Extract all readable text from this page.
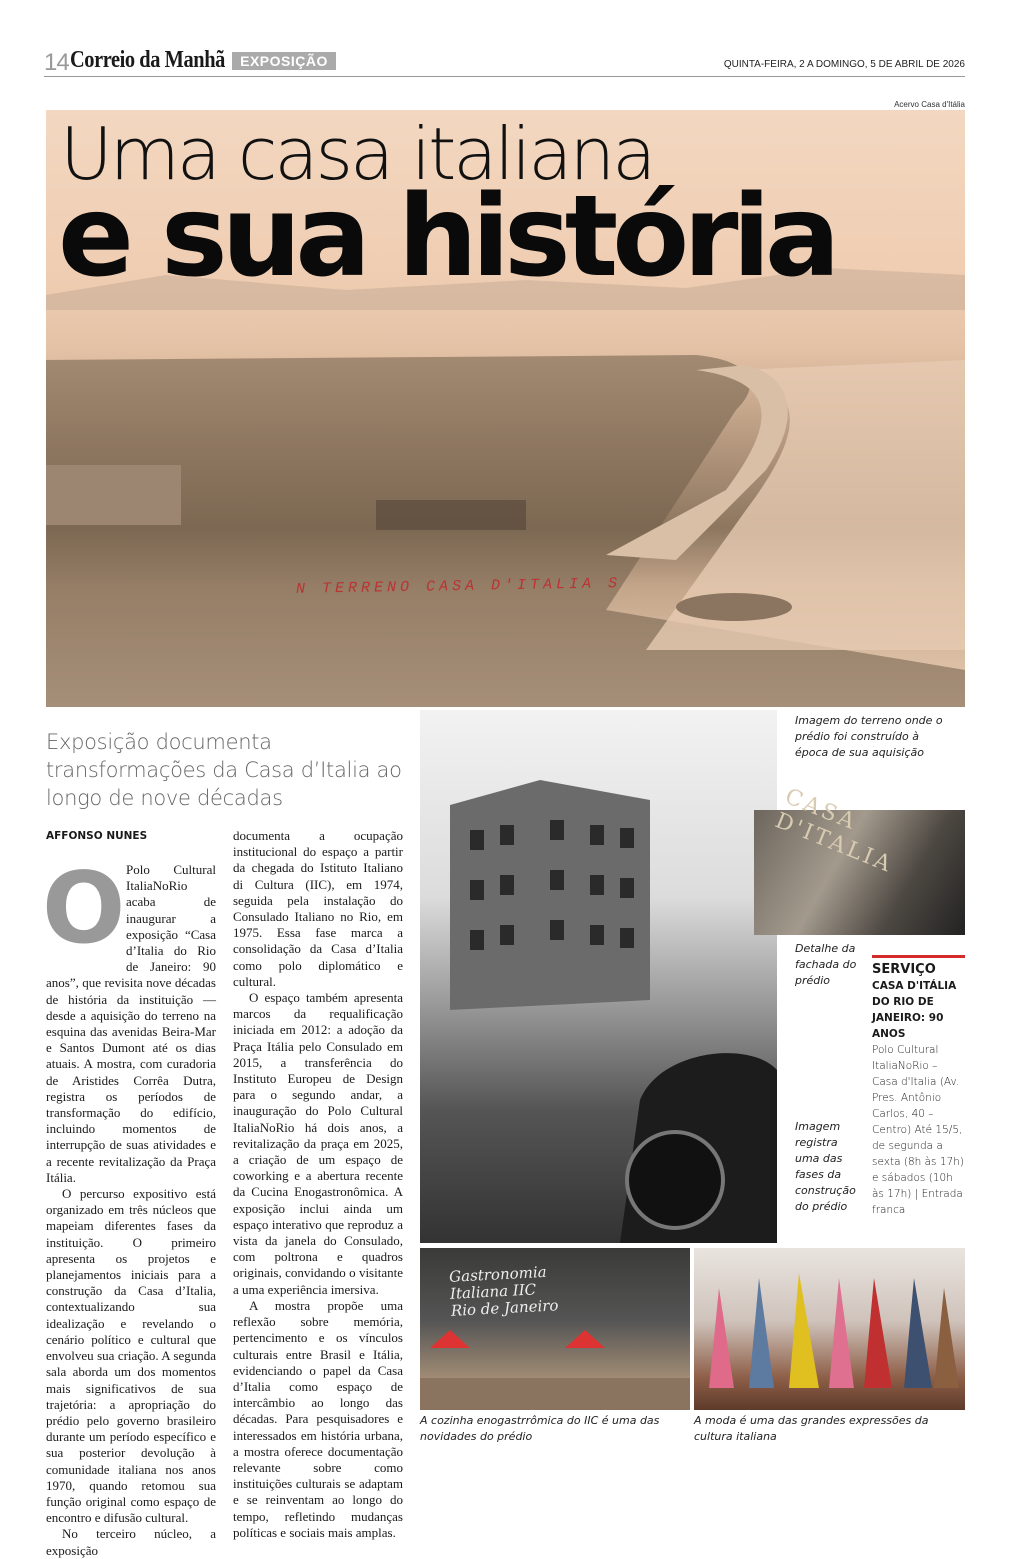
14 Correio da Manhã	EXPOSIÇÃO	QUINTA-FEIRA, 2 A DOMINGO, 5 DE ABRIL DE 2026
Acervo Casa d'Itália
N TERRENO CASA D'ITALIA S
Uma casa italiana
e sua história
Exposição documenta transformações da Casa d’Italia ao longo de nove décadas
AFFONSO NUNES
O Polo Cultural ItaliaNoRio acaba de inaugurar a exposição “Casa d’Italia do Rio de Janeiro: 90 anos”, que revisita nove décadas de história da instituição — desde a aquisição do terreno na esquina das avenidas Beira-Mar e Santos Dumont até os dias atuais. A mostra, com curadoria de Aristides Corrêa Dutra, registra os períodos de transformação do edifício, incluindo momentos de interrupção de suas atividades e a recente revitalização da Praça Itália.

O percurso expositivo está organizado em três núcleos que mapeiam diferentes fases da instituição. O primeiro apresenta os projetos e planejamentos iniciais para a construção da Casa d’Italia, contextualizando sua idealização e revelando o cenário político e cultural que envolveu sua criação. A segunda sala aborda um dos momentos mais significativos de sua trajetória: a apropriação do prédio pelo governo brasileiro durante um período específico e sua posterior devolução à comunidade italiana nos anos 1970, quando retomou sua função original como espaço de encontro e difusão cultural.

No terceiro núcleo, a exposição

documenta a ocupação institucional do espaço a partir da chegada do Istituto Italiano di Cultura (IIC), em 1974, seguida pela instalação do Consulado Italiano no Rio, em 1975. Essa fase marca a consolidação da Casa d’Italia como polo diplomático e cultural.

O espaço também apresenta marcos da requalificação iniciada em 2012: a adoção da Praça Itália pelo Consulado em 2015, a transferência do Instituto Europeu de Design para o segundo andar, a inauguração do Polo Cultural ItaliaNoRio há dois anos, a revitalização da praça em 2025, a criação de um espaço de coworking e a abertura recente da Cucina Enogastronômica. A exposição inclui ainda um espaço interativo que reproduz a vista da janela do Consulado, com poltrona e quadros originais, convidando o visitante a uma experiência imersiva.

A mostra propõe uma reflexão sobre memória, pertencimento e os vínculos culturais entre Brasil e Itália, evidenciando o papel da Casa d’Italia como espaço de intercâmbio ao longo das décadas. Para pesquisadores e interessados em história urbana, a mostra oferece documentação relevante sobre como instituições culturais se adaptam e se reinventam ao longo do tempo, refletindo mudanças políticas e sociais mais amplas.

CASA D'ITALIA
Gastronomia Italiana IIC Rio de Janeiro
Imagem do terreno onde o prédio foi construído à época de sua aquisição
Detalhe da fachada do prédio
Imagem registra uma das fases da construção do prédio
A cozinha enogastrrômica do IIC é uma das novidades do prédio
A moda é uma das grandes expressões da cultura italiana
SERVIÇO
CASA D'ITÁLIA DO RIO DE JANEIRO: 90 ANOS
Polo Cultural ItaliaNoRio – Casa d'Italia (Av. Pres. Antônio Carlos, 40 – Centro) Até 15/5, de segunda a sexta (8h às 17h) e sábados (10h às 17h) | Entrada franca
